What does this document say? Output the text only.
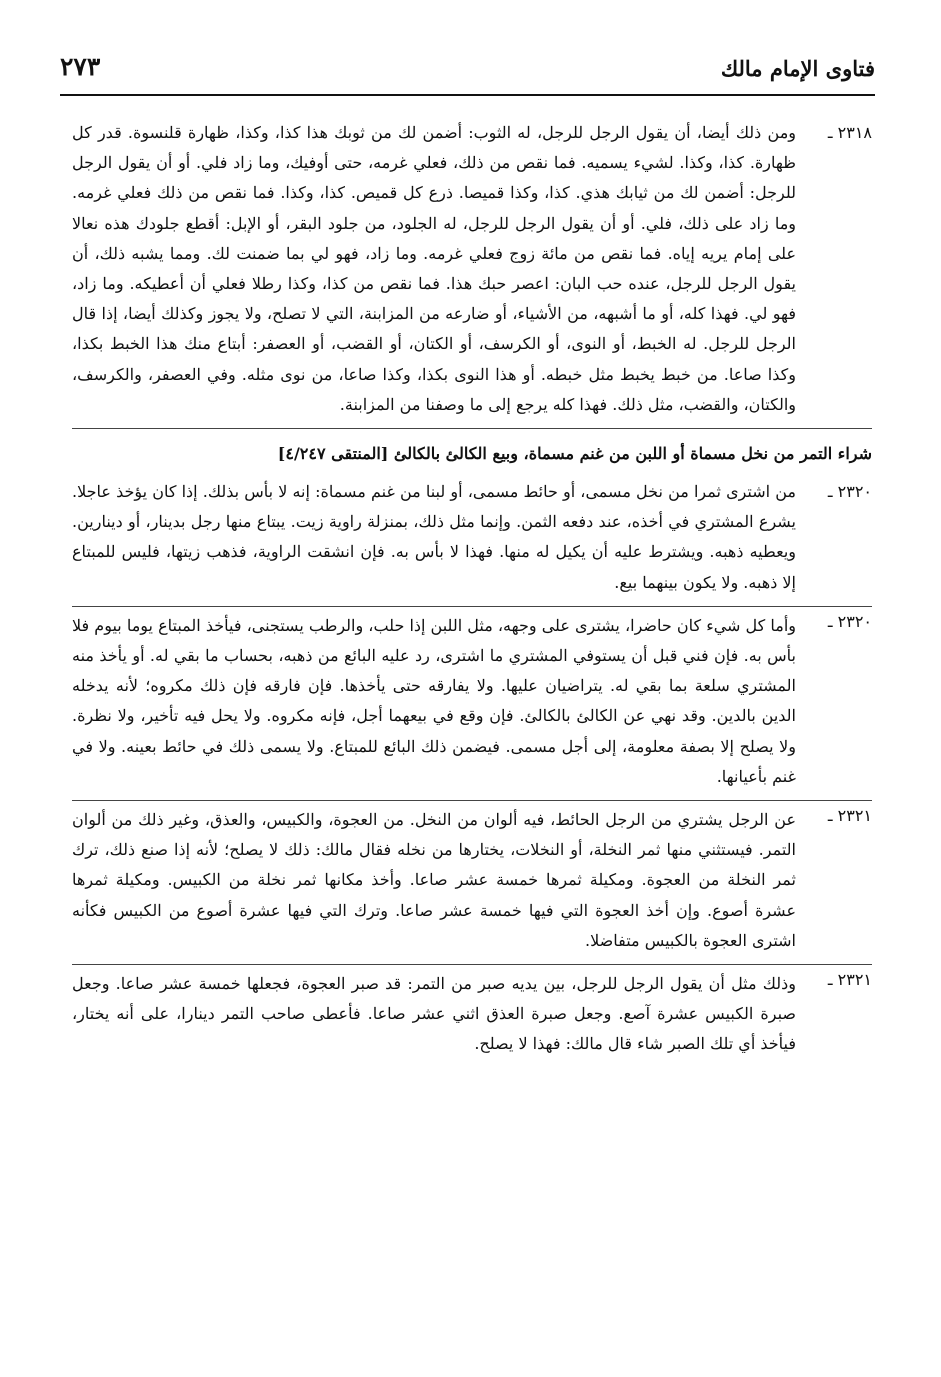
فتاوى الإمام مالك
٢٧٣
٢٣١٨ ـ
ومن ذلك أيضا، أن يقول الرجل للرجل، له الثوب: أضمن لك من ثوبك هذا كذا، وكذا، ظهارة قلنسوة. قدر كل ظهارة. كذا، وكذا. لشيء يسميه. فما نقص من ذلك، فعلي غرمه، حتى أوفيك، وما زاد فلي. أو أن يقول الرجل للرجل: أضمن لك من ثيابك هذي. كذا، وكذا قميصا. ذرع كل قميص. كذا، وكذا. فما نقص من ذلك فعلي غرمه. وما زاد على ذلك، فلي. أو أن يقول الرجل للرجل، له الجلود، من جلود البقر، أو الإبل: أقطع جلودك هذه نعالا على إمام يريه إياه. فما نقص من مائة زوج فعلي غرمه. وما زاد، فهو لي بما ضمنت لك. ومما يشبه ذلك، أن يقول الرجل للرجل، عنده حب البان: اعصر حبك هذا. فما نقص من كذا، وكذا رطلا فعلي أن أعطيكه. وما زاد، فهو لي. فهذا كله، أو ما أشبهه، من الأشياء، أو ضارعه من المزابنة، التي لا تصلح، ولا يجوز وكذلك أيضا، إذا قال الرجل للرجل. له الخبط، أو النوى، أو الكرسف، أو الكتان، أو القضب، أو العصفر: أبتاع منك هذا الخبط بكذا، وكذا صاعا. من خبط يخبط مثل خبطه. أو هذا النوى بكذا، وكذا صاعا، من نوى مثله. وفي العصفر، والكرسف، والكتان، والقضب، مثل ذلك. فهذا كله يرجع إلى ما وصفنا من المزابنة.
شراء التمر من نخل مسماة أو اللبن من غنم مسماة، وبيع الكالئ بالكالئ [المنتقى ٤/٢٤٧]
٢٣٢٠ ـ
من اشترى ثمرا من نخل مسمى، أو حائط مسمى، أو لبنا من غنم مسماة: إنه لا بأس بذلك. إذا كان يؤخذ عاجلا. يشرع المشتري في أخذه، عند دفعه الثمن. وإنما مثل ذلك، بمنزلة راوية زيت. يبتاع منها رجل بدينار، أو دينارين. ويعطيه ذهبه. ويشترط عليه أن يكيل له منها. فهذا لا بأس به. فإن انشقت الراوية، فذهب زيتها، فليس للمبتاع إلا ذهبه. ولا يكون بينهما بيع.
٢٣٢٠ ـ
وأما كل شيء كان حاضرا، يشترى على وجهه، مثل اللبن إذا حلب، والرطب يستجنى، فيأخذ المبتاع يوما بيوم فلا بأس به. فإن فني قبل أن يستوفي المشتري ما اشترى، رد عليه البائع من ذهبه، بحساب ما بقي له. أو يأخذ منه المشتري سلعة بما بقي له. يتراضيان عليها. ولا يفارقه حتى يأخذها. فإن فارقه فإن ذلك مكروه؛ لأنه يدخله الدين بالدين. وقد نهي عن الكالئ بالكالئ. فإن وقع في بيعهما أجل، فإنه مكروه. ولا يحل فيه تأخير، ولا نظرة. ولا يصلح إلا بصفة معلومة، إلى أجل مسمى. فيضمن ذلك البائع للمبتاع. ولا يسمى ذلك في حائط بعينه. ولا في غنم بأعيانها.
٢٣٢١ ـ
عن الرجل يشتري من الرجل الحائط، فيه ألوان من النخل. من العجوة، والكبيس، والعذق، وغير ذلك من ألوان التمر. فيستثني منها ثمر النخلة، أو النخلات، يختارها من نخله فقال مالك: ذلك لا يصلح؛ لأنه إذا صنع ذلك، ترك ثمر النخلة من العجوة. ومكيلة ثمرها خمسة عشر صاعا. وأخذ مكانها ثمر نخلة من الكبيس. ومكيلة ثمرها عشرة أصوع. وإن أخذ العجوة التي فيها خمسة عشر صاعا. وترك التي فيها عشرة أصوع من الكبيس فكأنه اشترى العجوة بالكبيس متفاضلا.
٢٣٢١ ـ
وذلك مثل أن يقول الرجل للرجل، بين يديه صبر من التمر: قد صبر العجوة، فجعلها خمسة عشر صاعا. وجعل صبرة الكبيس عشرة آصع. وجعل صبرة العذق اثني عشر صاعا. فأعطى صاحب التمر دينارا، على أنه يختار، فيأخذ أي تلك الصبر شاء قال مالك: فهذا لا يصلح.
